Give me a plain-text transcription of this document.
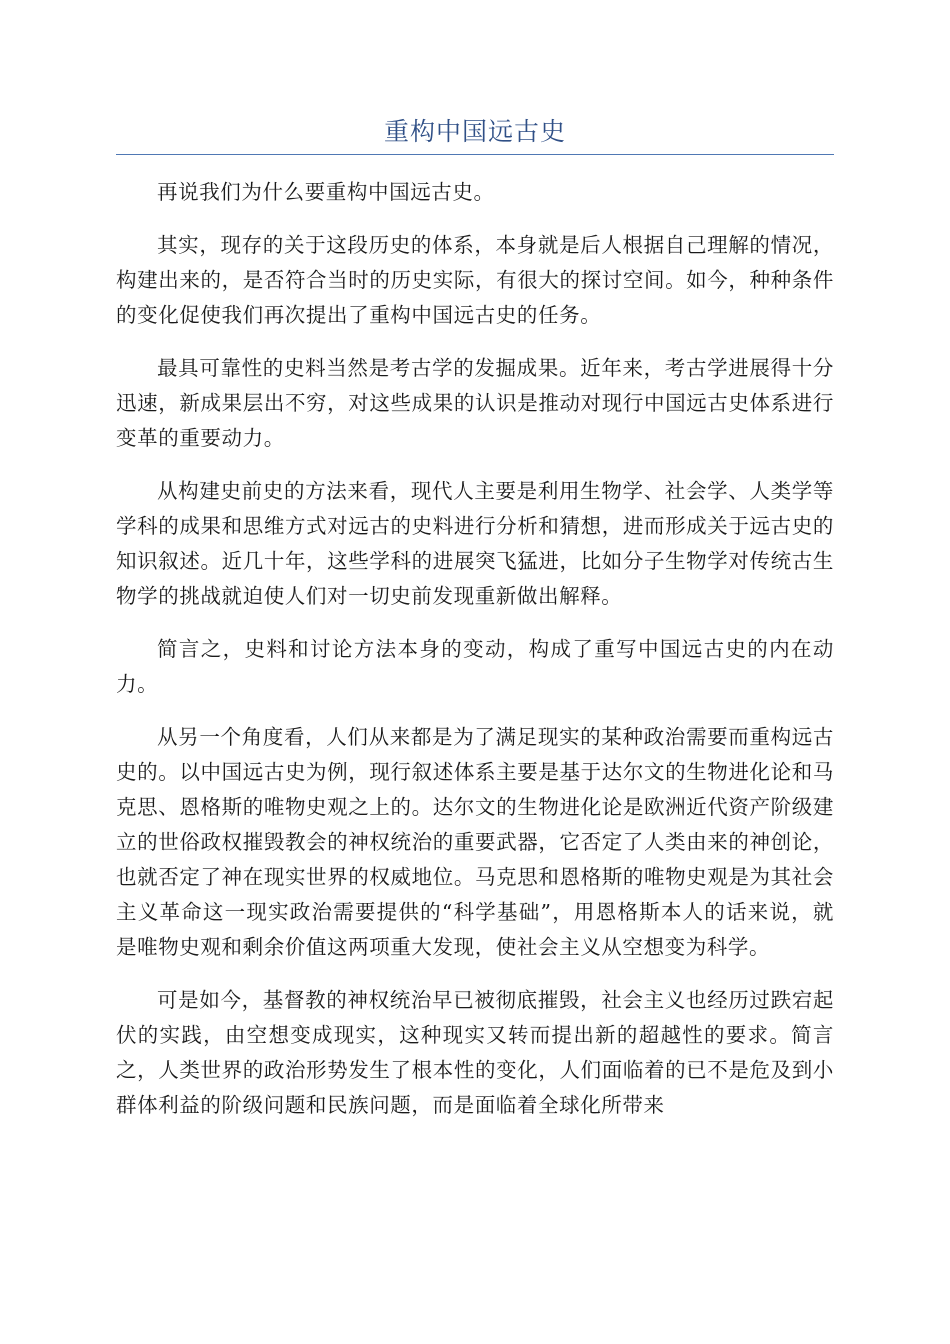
重构中国远古史

再说我们为什么要重构中国远古史。

其实，现存的关于这段历史的体系，本身就是后人根据自己理解的情况，构建出来的，是否符合当时的历史实际，有很大的探讨空间。如今，种种条件的变化促使我们再次提出了重构中国远古史的任务。

最具可靠性的史料当然是考古学的发掘成果。近年来，考古学进展得十分迅速，新成果层出不穷，对这些成果的认识是推动对现行中国远古史体系进行变革的重要动力。

从构建史前史的方法来看，现代人主要是利用生物学、社会学、人类学等学科的成果和思维方式对远古的史料进行分析和猜想，进而形成关于远古史的知识叙述。近几十年，这些学科的进展突飞猛进，比如分子生物学对传统古生物学的挑战就迫使人们对一切史前发现重新做出解释。

简言之，史料和讨论方法本身的变动，构成了重写中国远古史的内在动力。

从另一个角度看，人们从来都是为了满足现实的某种政治需要而重构远古史的。以中国远古史为例，现行叙述体系主要是基于达尔文的生物进化论和马克思、恩格斯的唯物史观之上的。达尔文的生物进化论是欧洲近代资产阶级建立的世俗政权摧毁教会的神权统治的重要武器，它否定了人类由来的神创论，也就否定了神在现实世界的权威地位。马克思和恩格斯的唯物史观是为其社会主义革命这一现实政治需要提供的“科学基础”，用恩格斯本人的话来说，就是唯物史观和剩余价值这两项重大发现，使社会主义从空想变为科学。

可是如今，基督教的神权统治早已被彻底摧毁，社会主义也经历过跌宕起伏的实践，由空想变成现实，这种现实又转而提出新的超越性的要求。简言之，人类世界的政治形势发生了根本性的变化，人们面临着的已不是危及到小群体利益的阶级问题和民族问题，而是面临着全球化所带来
